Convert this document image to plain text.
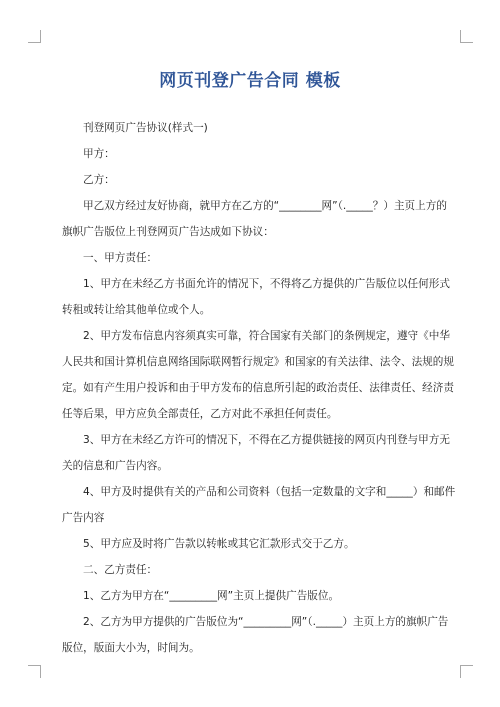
网页刊登广告合同 模板
刊登网页广告协议(样式一)
甲方：
乙方：
甲乙双方经过友好协商，就甲方在乙方的“________网”（._____？）主页上方的
旗帜广告版位上刊登网页广告达成如下协议：
一、甲方责任：
1、甲方在未经乙方书面允许的情况下，不得将乙方提供的广告版位以任何形式
转租或转让给其他单位或个人。
2、甲方发布信息内容须真实可靠，符合国家有关部门的条例规定，遵守《中华
人民共和国计算机信息网络国际联网暂行规定》和国家的有关法律、法令、法规的规
定。如有产生用户投诉和由于甲方发布的信息所引起的政治责任、法律责任、经济责
任等后果，甲方应负全部责任，乙方对此不承担任何责任。
3、甲方在未经乙方许可的情况下，不得在乙方提供链接的网页内刊登与甲方无
关的信息和广告内容。
4、甲方及时提供有关的产品和公司资料（包括一定数量的文字和_____）和邮件
广告内容
5、甲方应及时将广告款以转帐或其它汇款形式交于乙方。
二、乙方责任：
1、乙方为甲方在“_________网”主页上提供广告版位。
2、乙方为甲方提供的广告版位为“_________网”（._____）主页上方的旗帜广告
版位，版面大小为，时间为。
